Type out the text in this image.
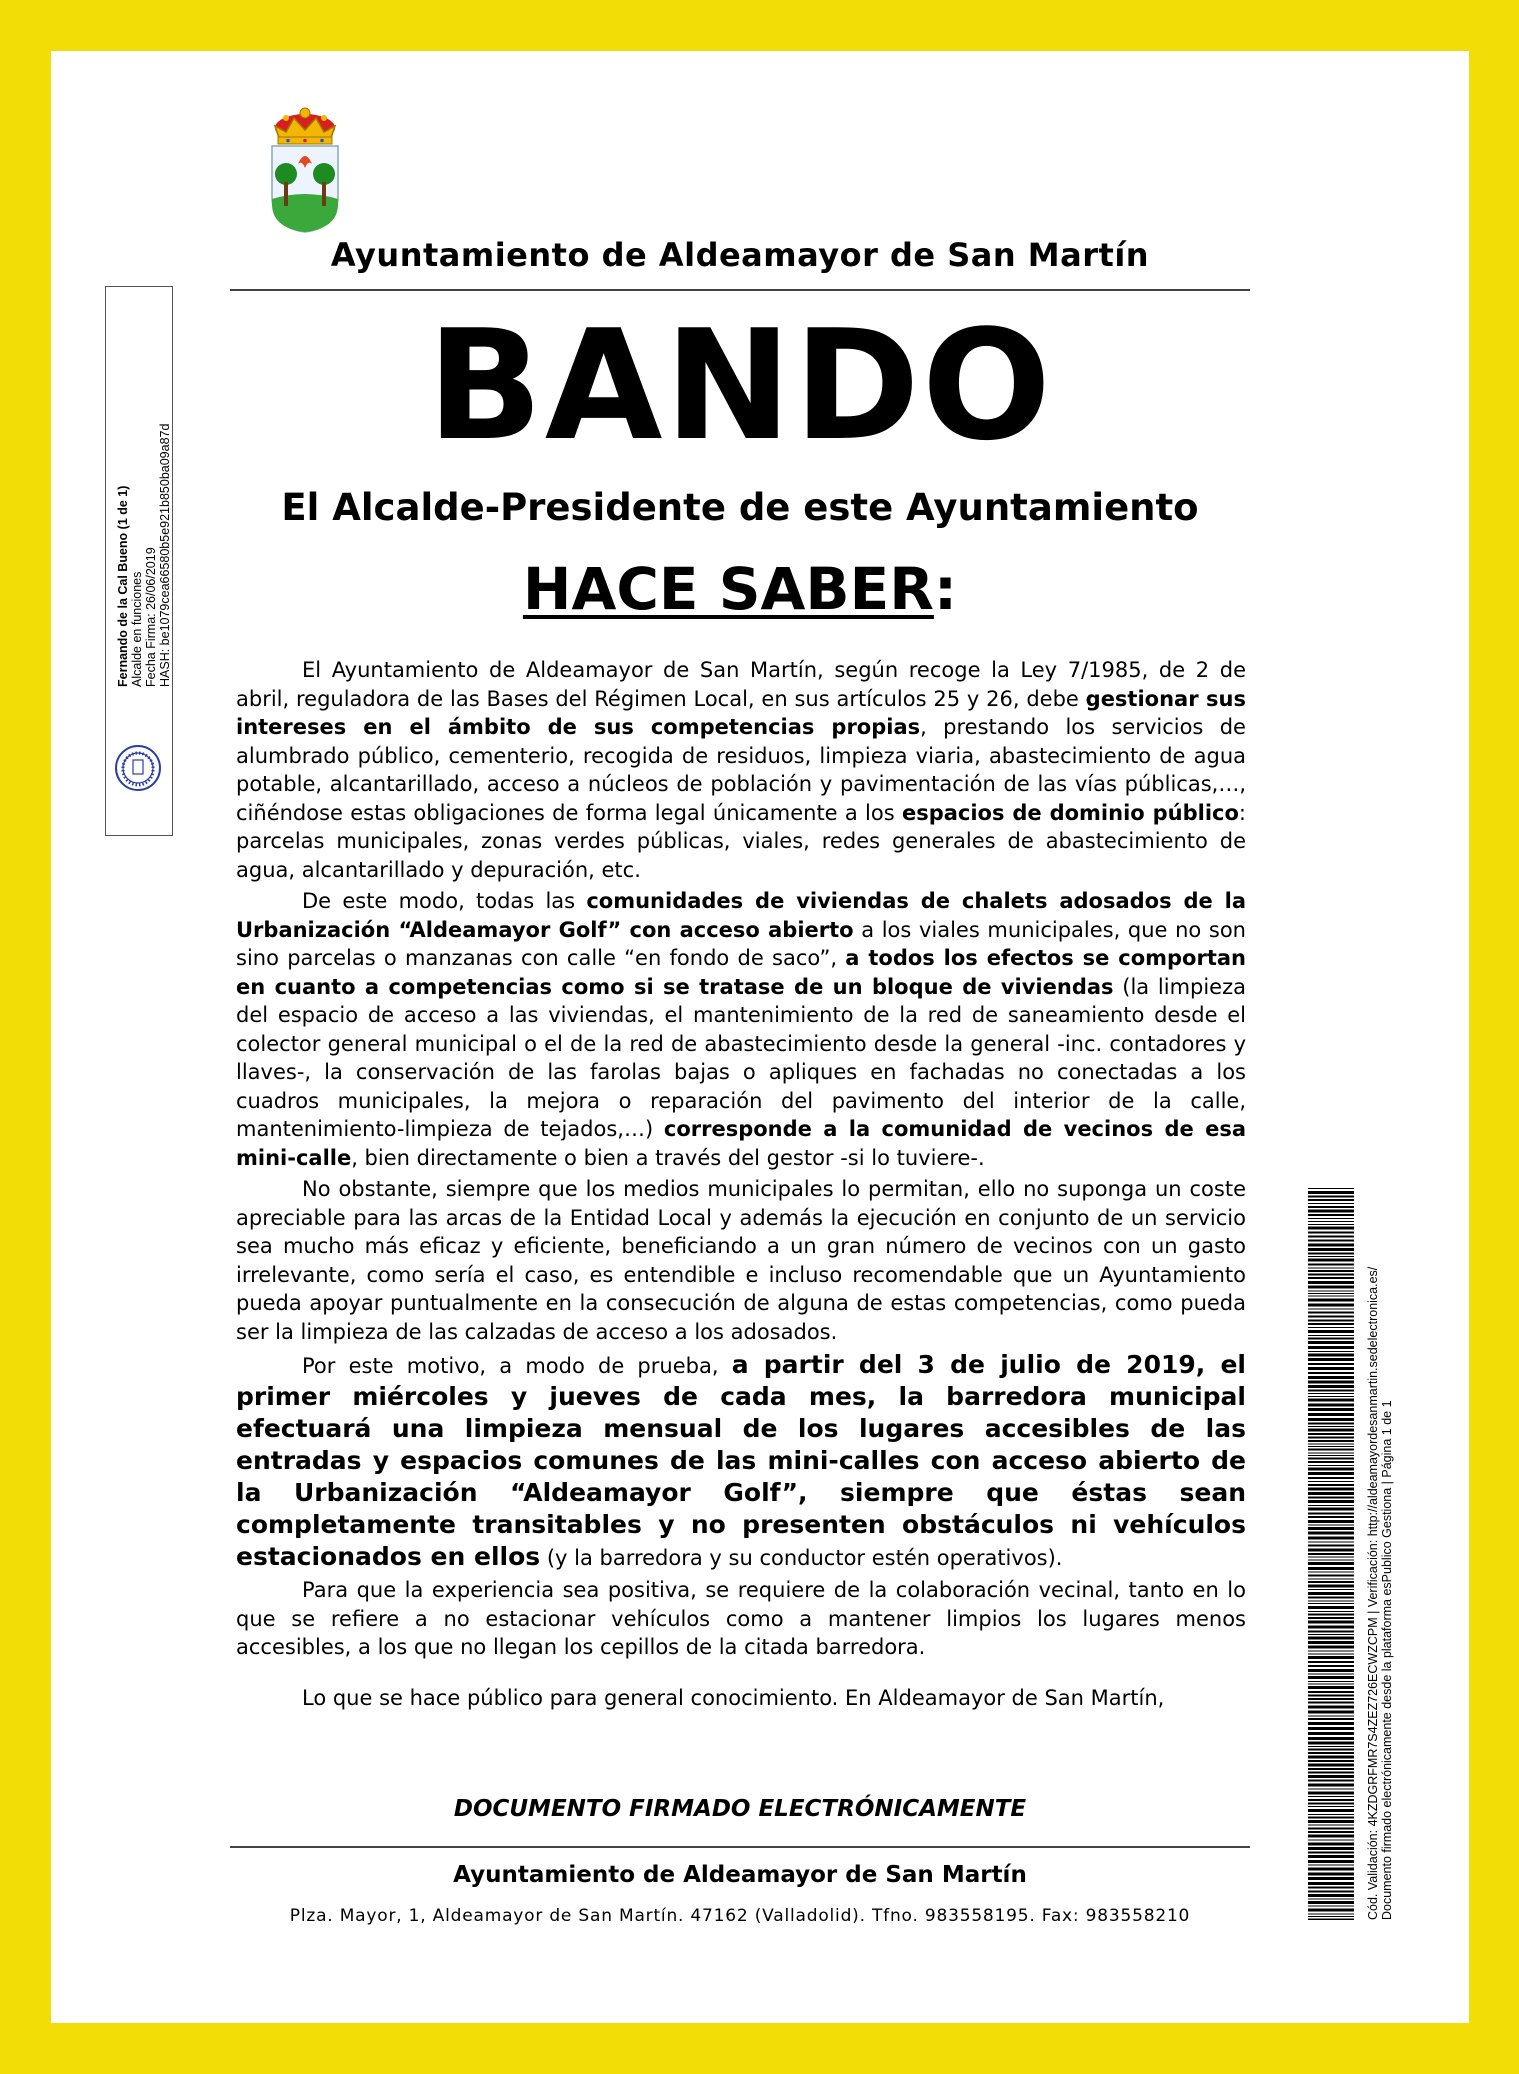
Ayuntamiento de Aldeamayor de San Martín
BANDO
El Alcalde-Presidente de este Ayuntamiento
HACE SABER:

El Ayuntamiento de Aldeamayor de San Martín, según recoge la Ley 7/1985, de 2 de abril, reguladora de las Bases del Régimen Local, en sus artículos 25 y 26, debe gestionar sus intereses en el ámbito de sus competencias propias, prestando los servicios de alumbrado público, cementerio, recogida de residuos, limpieza viaria, abastecimiento de agua potable, alcantarillado, acceso a núcleos de población y pavimentación de las vías públicas,…, ciñéndose estas obligaciones de forma legal únicamente a los espacios de dominio público: parcelas municipales, zonas verdes públicas, viales, redes generales de abastecimiento de agua, alcantarillado y depuración, etc.

De este modo, todas las comunidades de viviendas de chalets adosados de la Urbanización “Aldeamayor Golf” con acceso abierto a los viales municipales, que no son sino parcelas o manzanas con calle “en fondo de saco”, a todos los efectos se comportan en cuanto a competencias como si se tratase de un bloque de viviendas (la limpieza del espacio de acceso a las viviendas, el mantenimiento de la red de saneamiento desde el colector general municipal o el de la red de abastecimiento desde la general -inc. contadores y llaves-, la conservación de las farolas bajas o apliques en fachadas no conectadas a los cuadros municipales, la mejora o reparación del pavimento del interior de la calle, mantenimiento-limpieza de tejados,…) corresponde a la comunidad de vecinos de esa mini-calle, bien directamente o bien a través del gestor -si lo tuviere-.

No obstante, siempre que los medios municipales lo permitan, ello no suponga un coste apreciable para las arcas de la Entidad Local y además la ejecución en conjunto de un servicio sea mucho más eficaz y eficiente, beneficiando a un gran número de vecinos con un gasto irrelevante, como sería el caso, es entendible e incluso recomendable que un Ayuntamiento pueda apoyar puntualmente en la consecución de alguna de estas competencias, como pueda ser la limpieza de las calzadas de acceso a los adosados.

Por este motivo, a modo de prueba, a partir del 3 de julio de 2019, el primer miércoles y jueves de cada mes, la barredora municipal efectuará una limpieza mensual de los lugares accesibles de las entradas y espacios comunes de las mini-calles con acceso abierto de la Urbanización “Aldeamayor Golf”, siempre que éstas sean completamente transitables y no presenten obstáculos ni vehículos estacionados en ellos (y la barredora y su conductor estén operativos).

Para que la experiencia sea positiva, se requiere de la colaboración vecinal, tanto en lo que se refiere a no estacionar vehículos como a mantener limpios los lugares menos accesibles, a los que no llegan los cepillos de la citada barredora.

Lo que se hace público para general conocimiento. En Aldeamayor de San Martín,

DOCUMENTO FIRMADO ELECTRÓNICAMENTE
Ayuntamiento de Aldeamayor de San Martín
Plza. Mayor, 1, Aldeamayor de San Martín. 47162 (Valladolid). Tfno. 983558195. Fax: 983558210
Fernando de la Cal Bueno (1 de 1) Alcalde en funciones Fecha Firma: 26/06/2019 HASH: be1079cea66580b5e921b850ba09a87d
Cód. Validación: 4KZDGRFMR7S4ZEZ726ECWZCPM | Verificación: http://aldeamayordesanmartin.sedelectronica.es/ Documento firmado electrónicamente desde la plataforma esPublico Gestiona | Página 1 de 1
